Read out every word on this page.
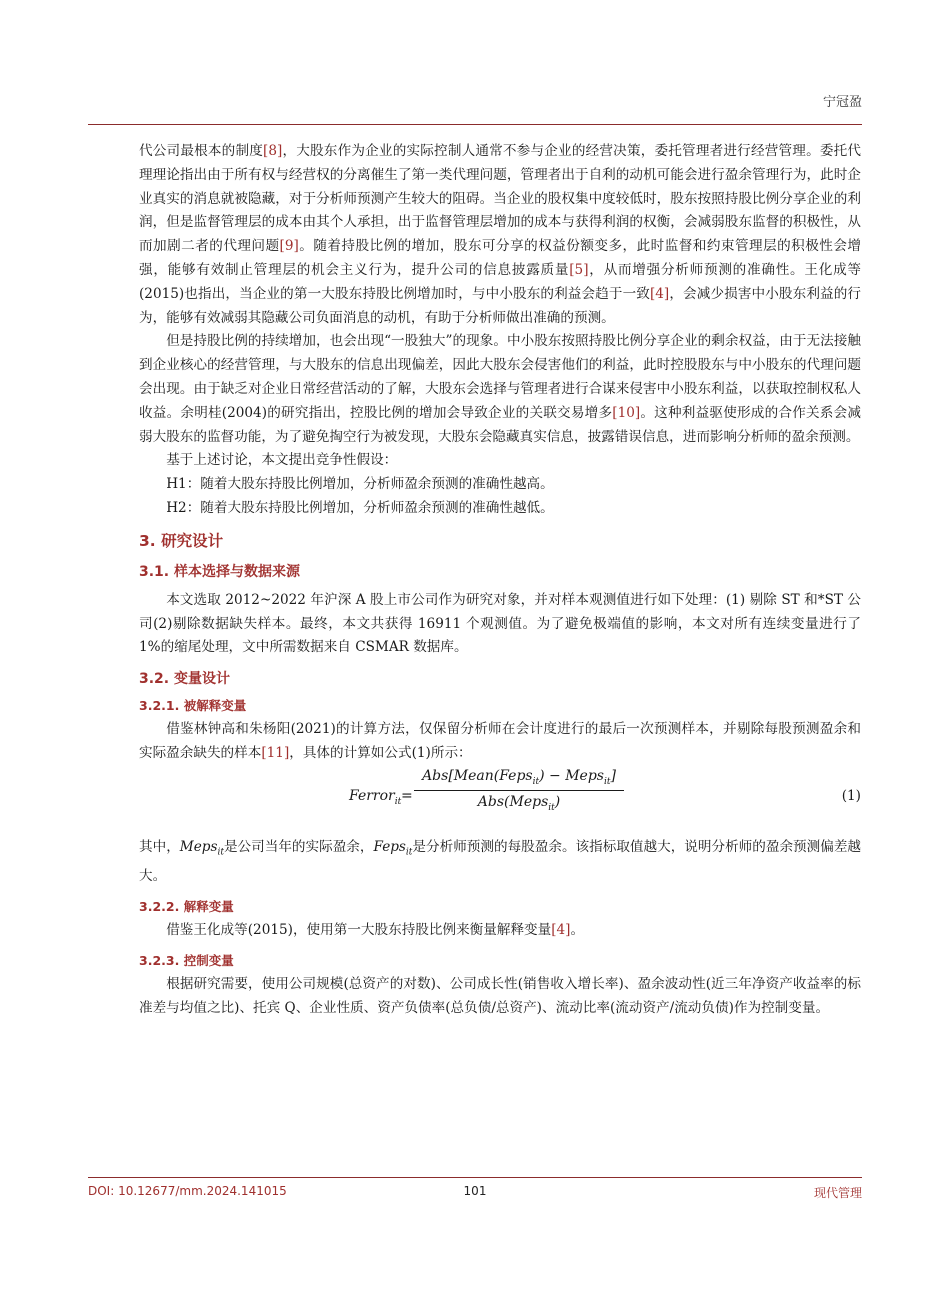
宁冠盈

代公司最根本的制度[8]，大股东作为企业的实际控制人通常不参与企业的经营决策，委托管理者进行经营管理。委托代理理论指出由于所有权与经营权的分离催生了第一类代理问题，管理者出于自利的动机可能会进行盈余管理行为，此时企业真实的消息就被隐藏，对于分析师预测产生较大的阻碍。当企业的股权集中度较低时，股东按照持股比例分享企业的利润，但是监督管理层的成本由其个人承担，出于监督管理层增加的成本与获得利润的权衡，会减弱股东监督的积极性，从而加剧二者的代理问题[9]。随着持股比例的增加，股东可分享的权益份额变多，此时监督和约束管理层的积极性会增强，能够有效制止管理层的机会主义行为，提升公司的信息披露质量[5]，从而增强分析师预测的准确性。王化成等(2015)也指出，当企业的第一大股东持股比例增加时，与中小股东的利益会趋于一致[4]，会减少损害中小股东利益的行为，能够有效减弱其隐藏公司负面消息的动机，有助于分析师做出准确的预测。

但是持股比例的持续增加，也会出现“一股独大”的现象。中小股东按照持股比例分享企业的剩余权益，由于无法接触到企业核心的经营管理，与大股东的信息出现偏差，因此大股东会侵害他们的利益，此时控股股东与中小股东的代理问题会出现。由于缺乏对企业日常经营活动的了解，大股东会选择与管理者进行合谋来侵害中小股东利益，以获取控制权私人收益。余明桂(2004)的研究指出，控股比例的增加会导致企业的关联交易增多[10]。这种利益驱使形成的合作关系会减弱大股东的监督功能，为了避免掏空行为被发现，大股东会隐藏真实信息，披露错误信息，进而影响分析师的盈余预测。

基于上述讨论，本文提出竞争性假设：

H1：随着大股东持股比例增加，分析师盈余预测的准确性越高。

H2：随着大股东持股比例增加，分析师盈余预测的准确性越低。

3. 研究设计
3.1. 样本选择与数据来源

本文选取 2012~2022 年沪深 A 股上市公司作为研究对象，并对样本观测值进行如下处理：(1) 剔除 ST 和*ST 公司(2)剔除数据缺失样本。最终，本文共获得 16911 个观测值。为了避免极端值的影响，本文对所有连续变量进行了 1%的缩尾处理，文中所需数据来自 CSMAR 数据库。

3.2. 变量设计
3.2.1. 被解释变量

借鉴林钟高和朱杨阳(2021)的计算方法，仅保留分析师在会计度进行的最后一次预测样本，并剔除每股预测盈余和实际盈余缺失的样本[11]，具体的计算如公式(1)所示：

Ferror$_{it}$ =
Abs[Mean(Feps$_{it}$) − Meps$_{it}$]
Abs(Meps$_{it}$)	(1)

其中，Meps$_{it}$是公司当年的实际盈余，Feps$_{it}$是分析师预测的每股盈余。该指标取值越大，说明分析师的盈余预测偏差越大。

3.2.2. 解释变量

借鉴王化成等(2015)，使用第一大股东持股比例来衡量解释变量[4]。

3.2.3. 控制变量

根据研究需要，使用公司规模(总资产的对数)、公司成长性(销售收入增长率)、盈余波动性(近三年净资产收益率的标准差与均值之比)、托宾 Q、企业性质、资产负债率(总负债/总资产)、流动比率(流动资产/流动负债)作为控制变量。

DOI: 10.12677/mm.2024.141015	101	现代管理
